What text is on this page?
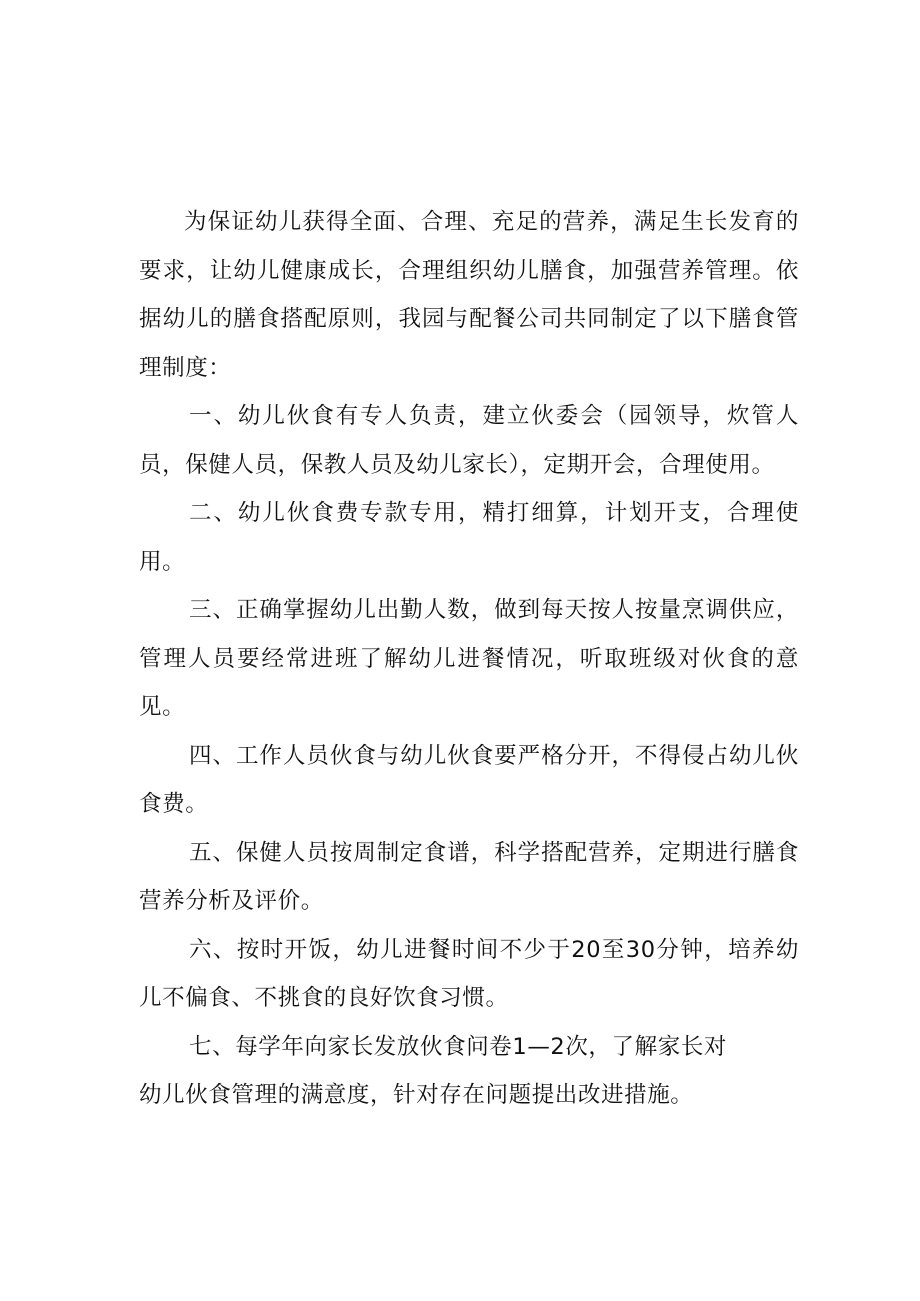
为保证幼儿获得全面、合理、充足的营养，满足生长发育的要求，让幼儿健康成长，合理组织幼儿膳食，加强营养管理。依据幼儿的膳食搭配原则，我园与配餐公司共同制定了以下膳食管理制度：

一、幼儿伙食有专人负责，建立伙委会（园领导，炊管人员，保健人员，保教人员及幼儿家长），定期开会，合理使用。

二、幼儿伙食费专款专用，精打细算，计划开支，合理使用。

三、正确掌握幼儿出勤人数，做到每天按人按量烹调供应，管理人员要经常进班了解幼儿进餐情况，听取班级对伙食的意见。

四、工作人员伙食与幼儿伙食要严格分开，不得侵占幼儿伙食费。

五、保健人员按周制定食谱，科学搭配营养，定期进行膳食营养分析及评价。

六、按时开饭，幼儿进餐时间不少于20至30分钟，培养幼儿不偏食、不挑食的良好饮食习惯。

七、每学年向家长发放伙食问卷1—2次，了解家长对
幼儿伙食管理的满意度，针对存在问题提出改进措施。
